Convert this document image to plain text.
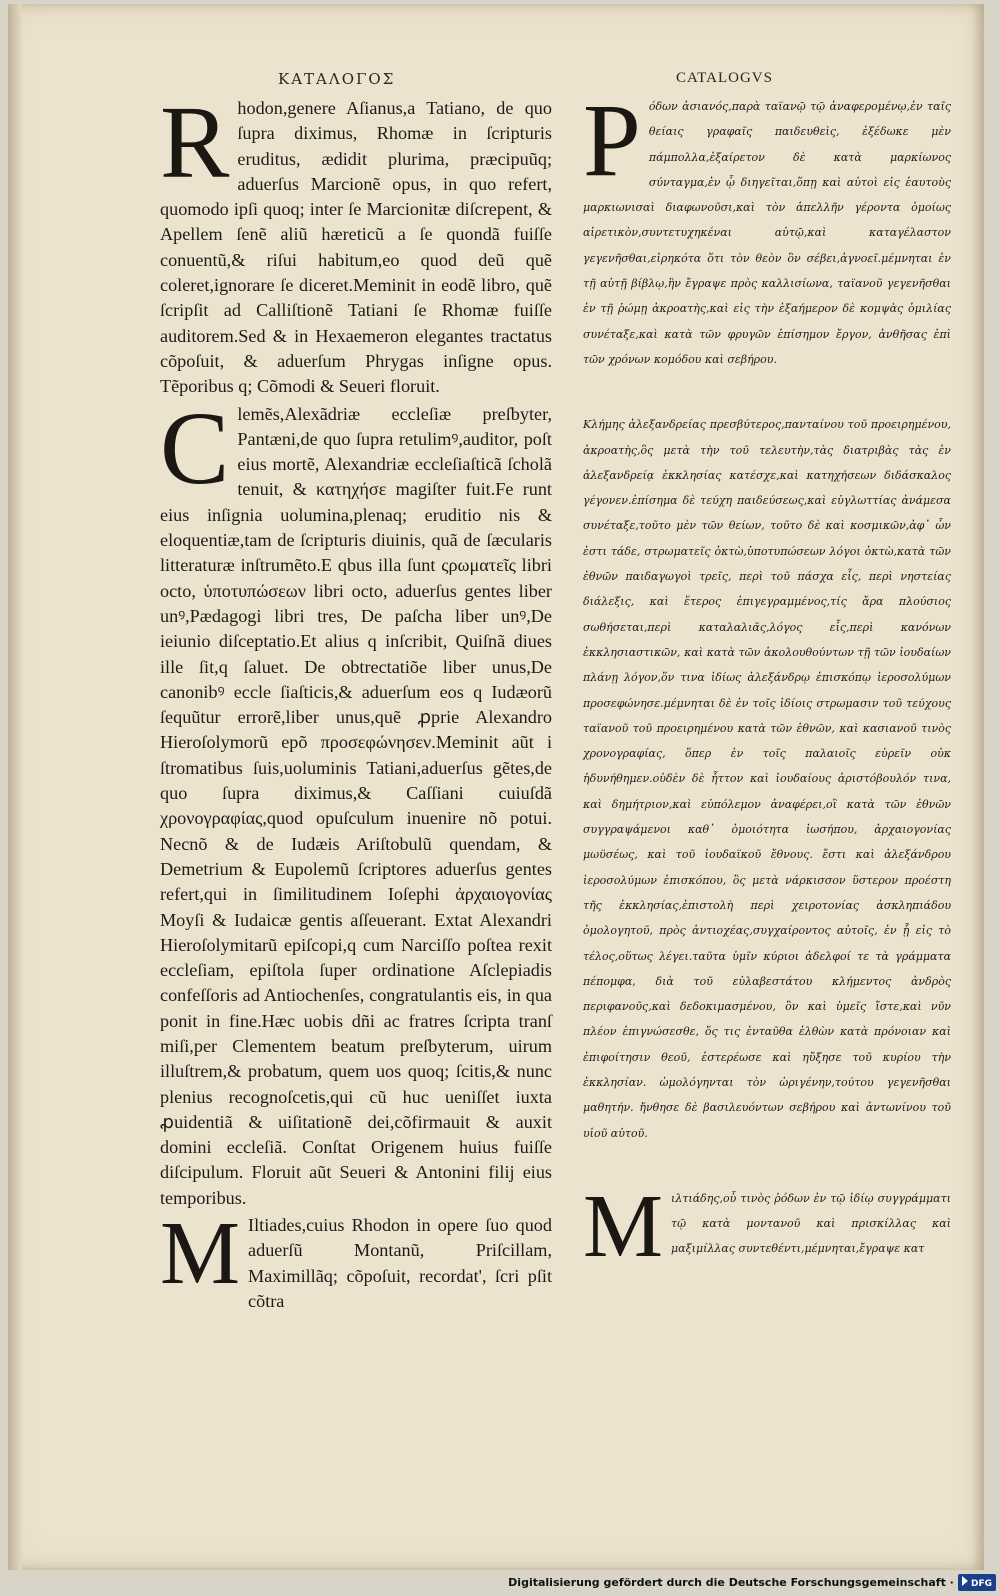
ΚΑΤΑΛΟΓΟΣ	CATALOGVS

R hodon,genere Aſianus,a Tatiano, de quo ſupra diximus, Rhomæ in ſcripturis eruditus, ædidit plurima, præcipuũq; aduerſus Marcionẽ opus, in quo refert, quomodo ipſi quoq; inter ſe Marcionitæ diſcrepent, & Apellem ſenẽ aliũ hæreticũ a ſe quondã fuiſſe conuentũ,& riſui habitum,eo quod deũ quẽ coleret,ignorare ſe diceret.Meminit in eodẽ libro, quẽ ſcripſit ad Calliſtionẽ Tatiani ſe Rhomæ fuiſſe auditorem.Sed & in Hexaemeron elegantes tractatus cõpoſuit, & aduerſum Phrygas inſigne opus. Tẽporibus q; Cõmodi & Seueri floruit.

C lemẽs,Alexãdriæ eccleſiæ preſbyter, Pantæni,de quo ſupra retulimꝰ,auditor, poſt eius mortẽ, Alexandriæ eccleſiaſticã ſcholã tenuit, & κατηχήσε magiſter fuit.Fe runt eius inſignia uolumina,plenaq; eruditio nis & eloquentiæ,tam de ſcripturis diuinis, quã de ſæcularis litteraturæ inſtrumẽto.E qbus illa ſunt ςρωματεῖς libri octo, ὑποτυπώσεων libri octo, aduerſus gentes liber unꝰ,Pædagogi libri tres, De paſcha liber unꝰ,De ieiunio diſceptatio.Et alius q inſcribit, Quiſnã diues ille ſit,q ſaluet. De obtrectatiõe liber unus,De canonibꝰ eccle ſiaſticis,& aduerſum eos q Iudæorũ ſequũtur errorẽ,liber unus,quẽ ꝓprie Alexandro Hieroſolymorũ epõ προσεφώνησεν.Meminit aũt i ſtromatibus ſuis,uoluminis Tatiani,aduerſus gẽtes,de quo ſupra diximus,& Caſſiani cuiuſdã χρονογραφίας,quod opuſculum inuenire nõ potui. Necnõ & de Iudæis Ariſtobulũ quendam, & Demetrium & Eupolemũ ſcriptores aduerſus gentes refert,qui in ſimilitudinem Ioſephi ἀρχαιογονίας Moyſi & Iudaicæ gentis aſſeuerant. Extat Alexandri Hieroſolymitarũ epiſcopi,q cum Narciſſo poſtea rexit eccleſiam, epiſtola ſuper ordinatione Aſclepiadis confeſſoris ad Antiochenſes, congratulantis eis, in qua ponit in fine.Hæc uobis dñi ac fratres ſcripta tranſ miſi,per Clementem beatum preſbyterum, uirum illuſtrem,& probatum, quem uos quoq; ſcitis,& nunc plenius recognoſcetis,qui cũ huc ueniſſet iuxta ꝓuidentiã & uiſitationẽ dei,cõfirmauit & auxit domini eccleſiã. Conſtat Origenem huius fuiſſe diſcipulum. Floruit aũt Seueri & Antonini filij eius temporibus.

M Iltiades,cuius Rhodon in opere ſuo quod aduerſũ Montanũ, Priſcillam, Maximillãq; cõpoſuit, recordat', ſcri pſit cõtra

Ρ όδων ἀσιανός,παρὰ ταϊανῷ τῷ ἀναφερομένῳ,ἐν ταῖς θείαις γραφαῖς παιδευθεὶς, ἐξέδωκε μὲν πάμπολλα,ἐξαίρετον δὲ κατὰ μαρκίωνος σύνταγμα,ἐν ᾧ διηγεῖται,ὅπῃ καὶ αὐτοὶ εἰς ἑαυτοὺς μαρκιωνισαὶ διαφωνοῦσι,καὶ τὸν ἀπελλῆν γέροντα ὁμοίως αἱρετικὸν,συντετυχηκέναι αὐτῷ,καὶ καταγέλαστον γεγενῆσθαι,εἰρηκότα ὅτι τὸν θεὸν ὃν σέβει,ἀγνοεῖ.μέμνηται ἐν τῇ αὐτῇ βίβλῳ,ἣν ἔγραψε πρὸς καλλισίωνα, ταϊανοῦ γεγενῆσθαι ἐν τῇ ῥώμῃ ἀκροατὴς,καὶ εἰς τὴν ἑξαήμερον δὲ κομψὰς ὁμιλίας συνέταξε,καὶ κατὰ τῶν φρυγῶν ἐπίσημον ἔργον, ἀνθῆσας ἐπὶ τῶν χρόνων κομόδου καὶ σεβήρου.

Κλήμης ἀλεξανδρείας πρεσβύτερος,πανταίνου τοῦ προειρημένου, ἀκροατὴς,ὃς μετὰ τὴν τοῦ τελευτὴν,τὰς διατριβὰς τὰς ἐν ἀλεξανδρείᾳ ἐκκλησίας κατέσχε,καὶ κατηχήσεων διδάσκαλος γέγονεν.ἐπίσημα δὲ τεύχη παιδεύσεως,καὶ εὐγλωττίας ἀνάμεσα συνέταξε,τοῦτο μὲν τῶν θείων, τοῦτο δὲ καὶ κοσμικῶν,ἀφ᾽ ὧν ἐστι τάδε, στρωματεῖς ὀκτὼ,ὑποτυπώσεων λόγοι ὀκτὼ,κατὰ τῶν ἐθνῶν παιδαγωγοὶ τρεῖς, περὶ τοῦ πάσχα εἷς, περὶ νηστείας διάλεξις, καὶ ἕτερος ἐπιγεγραμμένος,τίς ἄρα πλούσιος σωθήσεται,περὶ καταλαλιᾶς,λόγος εἷς,περὶ κανόνων ἐκκλησιαστικῶν, καὶ κατὰ τῶν ἀκολουθούντων τῇ τῶν ἰουδαίων πλάνῃ λόγον,ὅν τινα ἰδίως ἀλεξάνδρῳ ἐπισκόπῳ ἱεροσολύμων προσεφώνησε.μέμνηται δὲ ἐν τοῖς ἰδίοις στρωμασιν τοῦ τεύχους ταϊανοῦ τοῦ προειρημένου κατὰ τῶν ἐθνῶν, καὶ κασιανοῦ τινὸς χρονογραφίας, ὅπερ ἐν τοῖς παλαιοῖς εὑρεῖν οὐκ ἠδυνήθημεν.οὐδὲν δὲ ἧττον καὶ ἰουδαίους ἀριστόβουλόν τινα, καὶ δημήτριον,καὶ εὐπόλεμον ἀναφέρει,οἳ κατὰ τῶν ἐθνῶν συγγραψάμενοι καθ᾽ ὁμοιότητα ἰωσήπου, ἀρχαιογονίας μωϋσέως, καὶ τοῦ ἰουδαϊκοῦ ἔθνους. ἔστι καὶ ἀλεξάνδρου ἱεροσολύμων ἐπισκόπου, ὃς μετὰ νάρκισσον ὕστερον προέστη τῆς ἐκκλησίας,ἐπιστολὴ περὶ χειροτονίας ἀσκληπιάδου ὁμολογητοῦ, πρὸς ἀντιοχέας,συγχαίροντος αὐτοῖς, ἐν ᾗ εἰς τὸ τέλος,οὕτως λέγει.ταῦτα ὑμῖν κύριοι ἀδελφοί τε τὰ γράμματα πέπομφα, διὰ τοῦ εὐλαβεστάτου κλήμεντος ἀνδρὸς περιφανοῦς,καὶ δεδοκιμασμένου, ὃν καὶ ὑμεῖς ἴστε,καὶ νῦν πλέον ἐπιγνώσεσθε, ὅς τις ἐνταῦθα ἐλθὼν κατὰ πρόνοιαν καὶ ἐπιφοίτησιν θεοῦ, ἐστερέωσε καὶ ηὔξησε τοῦ κυρίου τὴν ἐκκλησίαν. ὡμολόγηνται τὸν ὠριγένην,τούτου γεγενῆσθαι μαθητήν. ἤνθησε δὲ βασιλευόντων σεβήρου καὶ ἀντωνίνου τοῦ υἱοῦ αὐτοῦ.

Μ ιλτιάδης,οὗ τινὸς ῥόδων ἐν τῷ ἰδίῳ συγγράμματι τῷ κατὰ μοντανοῦ καὶ πρισκίλλας καὶ μαξιμίλλας συντεθέντι,μέμνηται,ἔγραψε κατ

Digitalisierung gefördert durch die Deutsche Forschungsgemeinschaft ·	DFG
